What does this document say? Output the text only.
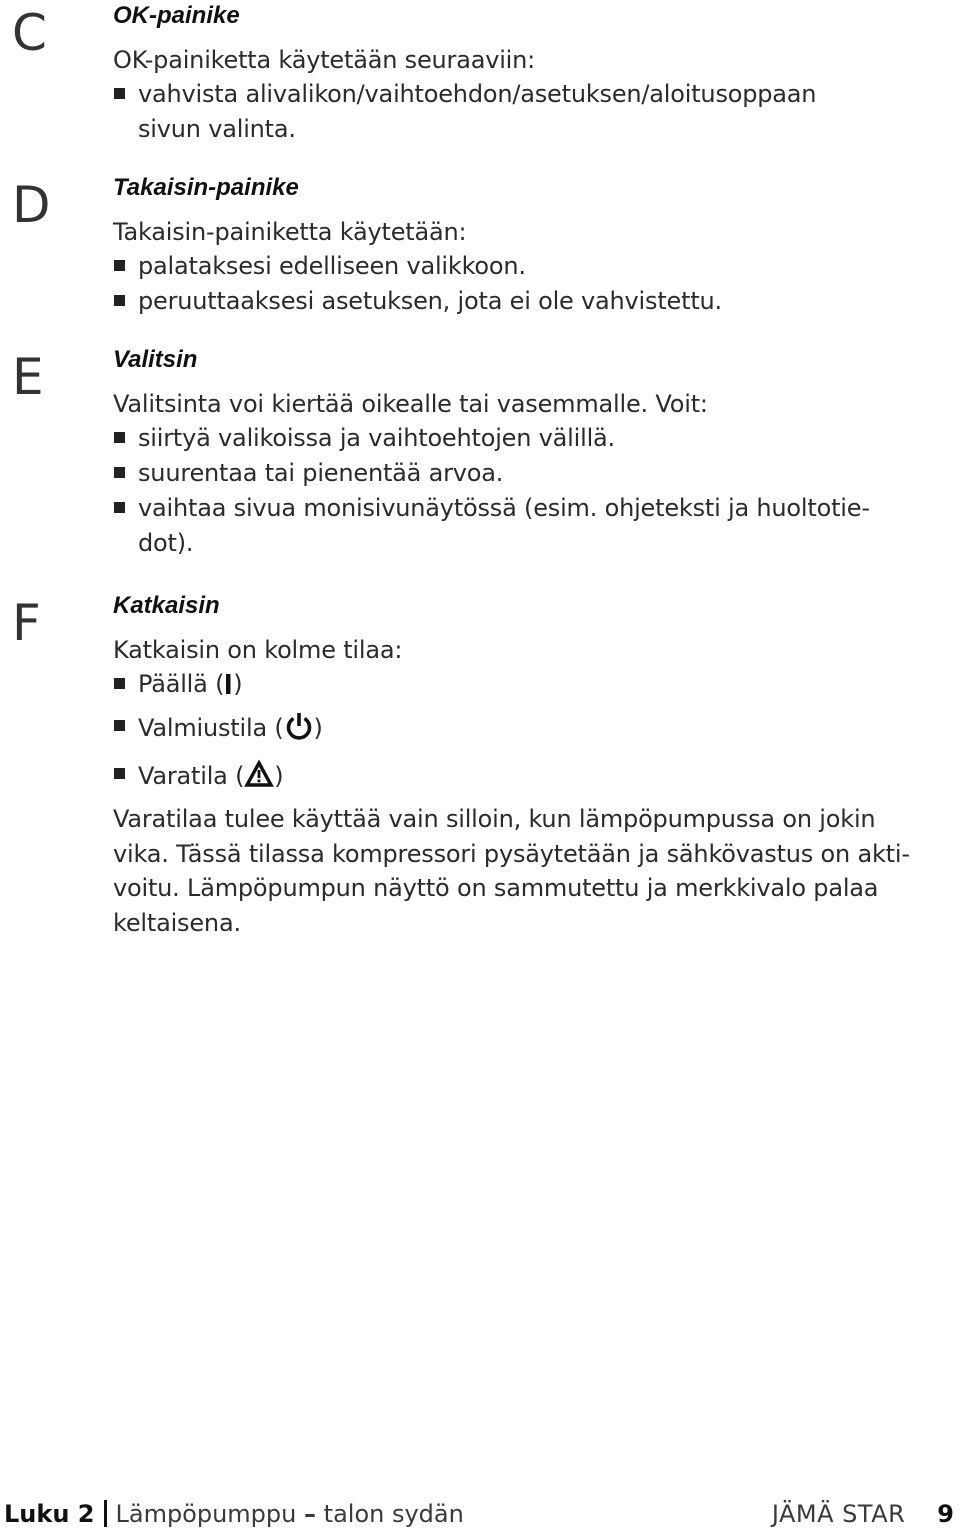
C
D
E
F
OK-painike
OK-painiketta käytetään seuraaviin:
vahvista alivalikon/vaihtoehdon/asetuksen/aloitusoppaan
sivun valinta.
Takaisin-painike
Takaisin-painiketta käytetään:
palataksesi edelliseen valikkoon.
peruuttaaksesi asetuksen, jota ei ole vahvistettu.
Valitsin
Valitsinta voi kiertää oikealle tai vasemmalle. Voit:
siirtyä valikoissa ja vaihtoehtojen välillä.
suurentaa tai pienentää arvoa.
vaihtaa sivua monisivunäytössä (esim. ohjeteksti ja huoltotie-
dot).
Katkaisin
Katkaisin on kolme tilaa:
Päällä ( )
Valmiustila ( )
Varatila ( )
Varatilaa tulee käyttää vain silloin, kun lämpöpumpussa on jokin
vika. Tässä tilassa kompressori pysäytetään ja sähkövastus on akti-
voitu. Lämpöpumpun näyttö on sammutettu ja merkkivalo palaa
keltaisena.
Luku 2 Lämpöpumppu – talon sydän	JÄMÄ STAR 9
